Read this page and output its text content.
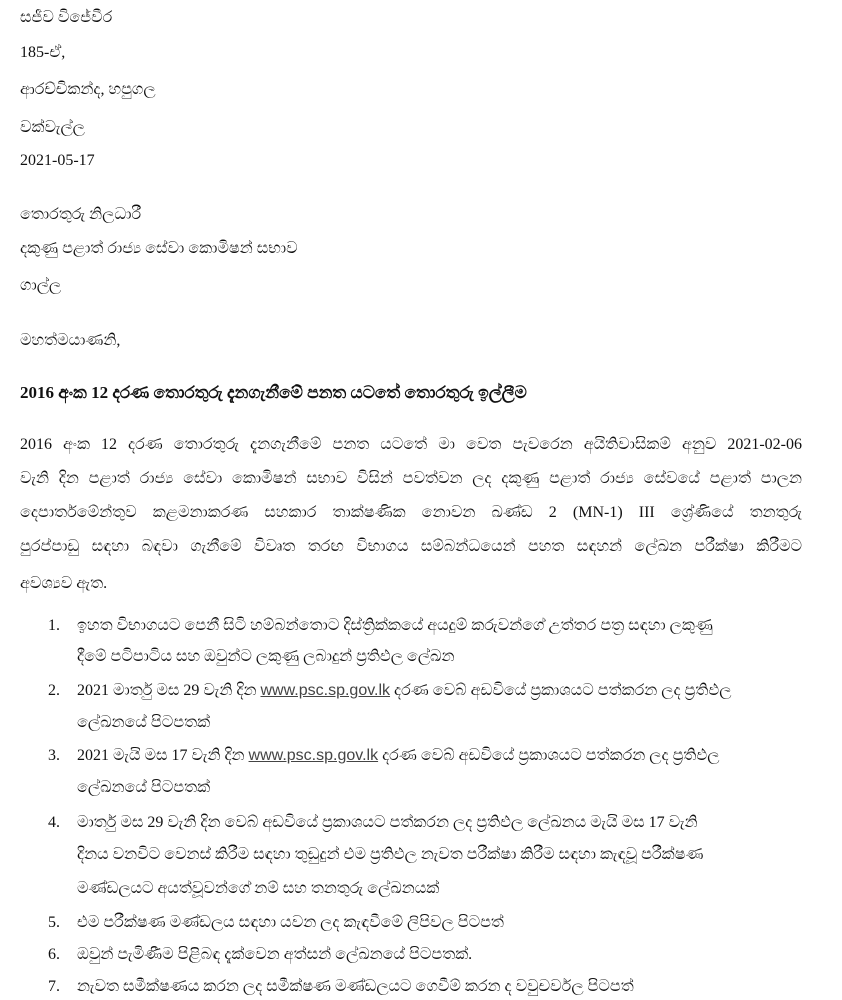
සජීව විජේවීර
185-ඒ,
ආරච්චිකන්ද, හපුගල
වක්වැල්ල
2021-05-17
තොරතුරු නිලධාරී
දකුණු පළාත් රාජ්‍ය සේවා කොමිෂන් සභාව
ගාල්ල
මහත්මයාණනි,
2016 අංක 12 දරණ තොරතුරු දැනගැනීමේ පනත යටතේ තොරතුරු ඉල්ලීම
2016 අංක 12 දරණ තොරතුරු දැනගැනීමේ පනත යටතේ මා වෙත පැවරෙන අයිතිවාසිකම් අනුව 2021-02-06
වැනි දින පළාත් රාජ්‍ය සේවා කොමිෂන් සභාව විසින් පවත්වන ලද දකුණු පළාත් රාජ්‍ය සේවයේ පළාත් පාලන
දෙපාර්තමේන්තුව කළමනාකරණ සහකාර තාක්ෂණික නොවන ඛණ්ඩ 2 (MN-1) III ශ්‍රේණියේ තනතුරු
පුරප්පාඩු සඳහා බඳවා ගැනීමේ විවෘත තරඟ විභාගය සම්බන්ධයෙන් පහත සඳහන් ලේඛන පරීක්ෂා කිරීමට
අවශ්‍යව ඇත.
1. ඉහත විභාගයට පෙනී සිටි හම්බන්තොට දිස්ත්‍රික්කයේ අයදුම් කරුවන්ගේ උත්තර පත්‍ර සඳහා ලකුණු
දීමේ පටිපාටිය සහ ඔවුන්ට ලකුණු ලබාදුන් ප්‍රතිඵල ලේඛන
2. 2021 මාර්තු මස 29 වැනි දින www.psc.sp.gov.lk දරණ වෙබ් අඩවියේ ප්‍රකාශයට පත්කරන ලද ප්‍රතිඵල
ලේඛනයේ පිටපතක්
3. 2021 මැයි මස 17 වැනි දින www.psc.sp.gov.lk දරණ වෙබ් අඩවියේ ප්‍රකාශයට පත්කරන ලද ප්‍රතිඵල
ලේඛනයේ පිටපතක්
4. මාර්තු මස 29 වැනි දින වෙබ් අඩවියේ ප්‍රකාශයට පත්කරන ලද ප්‍රතිඵල ලේඛනය මැයි මස 17 වැනි
දිනය වනවිට වෙනස් කිරීම සඳහා තුඩුදුන් එම ප්‍රතිඵල නැවත පරීක්ෂා කිරීම සඳහා කැඳවූ පරීක්ෂණ
මණ්ඩලයට අයත්වූවන්ගේ නම් සහ තනතුරු ලේඛනයක්
5. එම පරීක්ෂණ මණ්ඩලය සඳහා යවන ලද කැඳවීමේ ලිපිවල පිටපත්
6. ඔවුන් පැමිණීම පිළිබඳ දැක්වෙන අත්සන් ලේඛනයේ පිටපතක්.
7. නැවත සමීක්ෂණය කරන ලද සමීක්ෂණ මණ්ඩලයට ගෙවීම් කරන ද වවුචර්වල පිටපත්
